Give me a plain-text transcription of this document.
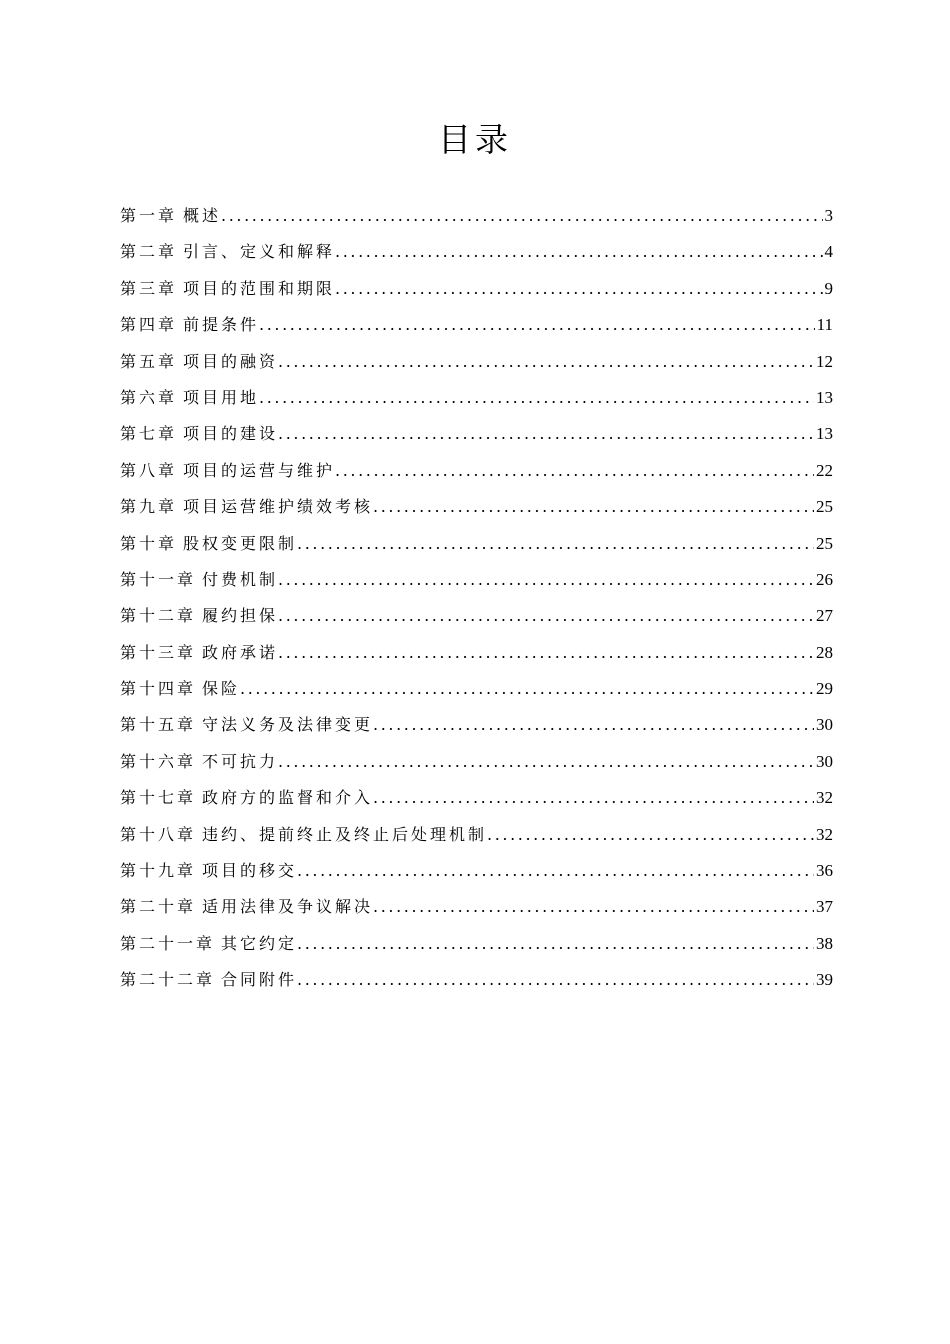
目录
第一章 概述 .....	3
第二章 引言、定义和解释 .....	4
第三章 项目的范围和期限 .....	9
第四章 前提条件 .....	11
第五章 项目的融资 .....	12
第六章 项目用地 .....	13
第七章 项目的建设 .....	13
第八章 项目的运营与维护 .....	22
第九章 项目运营维护绩效考核 .....	25
第十章 股权变更限制 .....	25
第十一章 付费机制 .....	26
第十二章 履约担保 .....	27
第十三章 政府承诺 .....	28
第十四章 保险 .....	29
第十五章 守法义务及法律变更 .....	30
第十六章 不可抗力 .....	30
第十七章 政府方的监督和介入 .....	32
第十八章 违约、提前终止及终止后处理机制 .....	32
第十九章 项目的移交 .....	36
第二十章 适用法律及争议解决 .....	37
第二十一章 其它约定 .....	38
第二十二章 合同附件 .....	39
